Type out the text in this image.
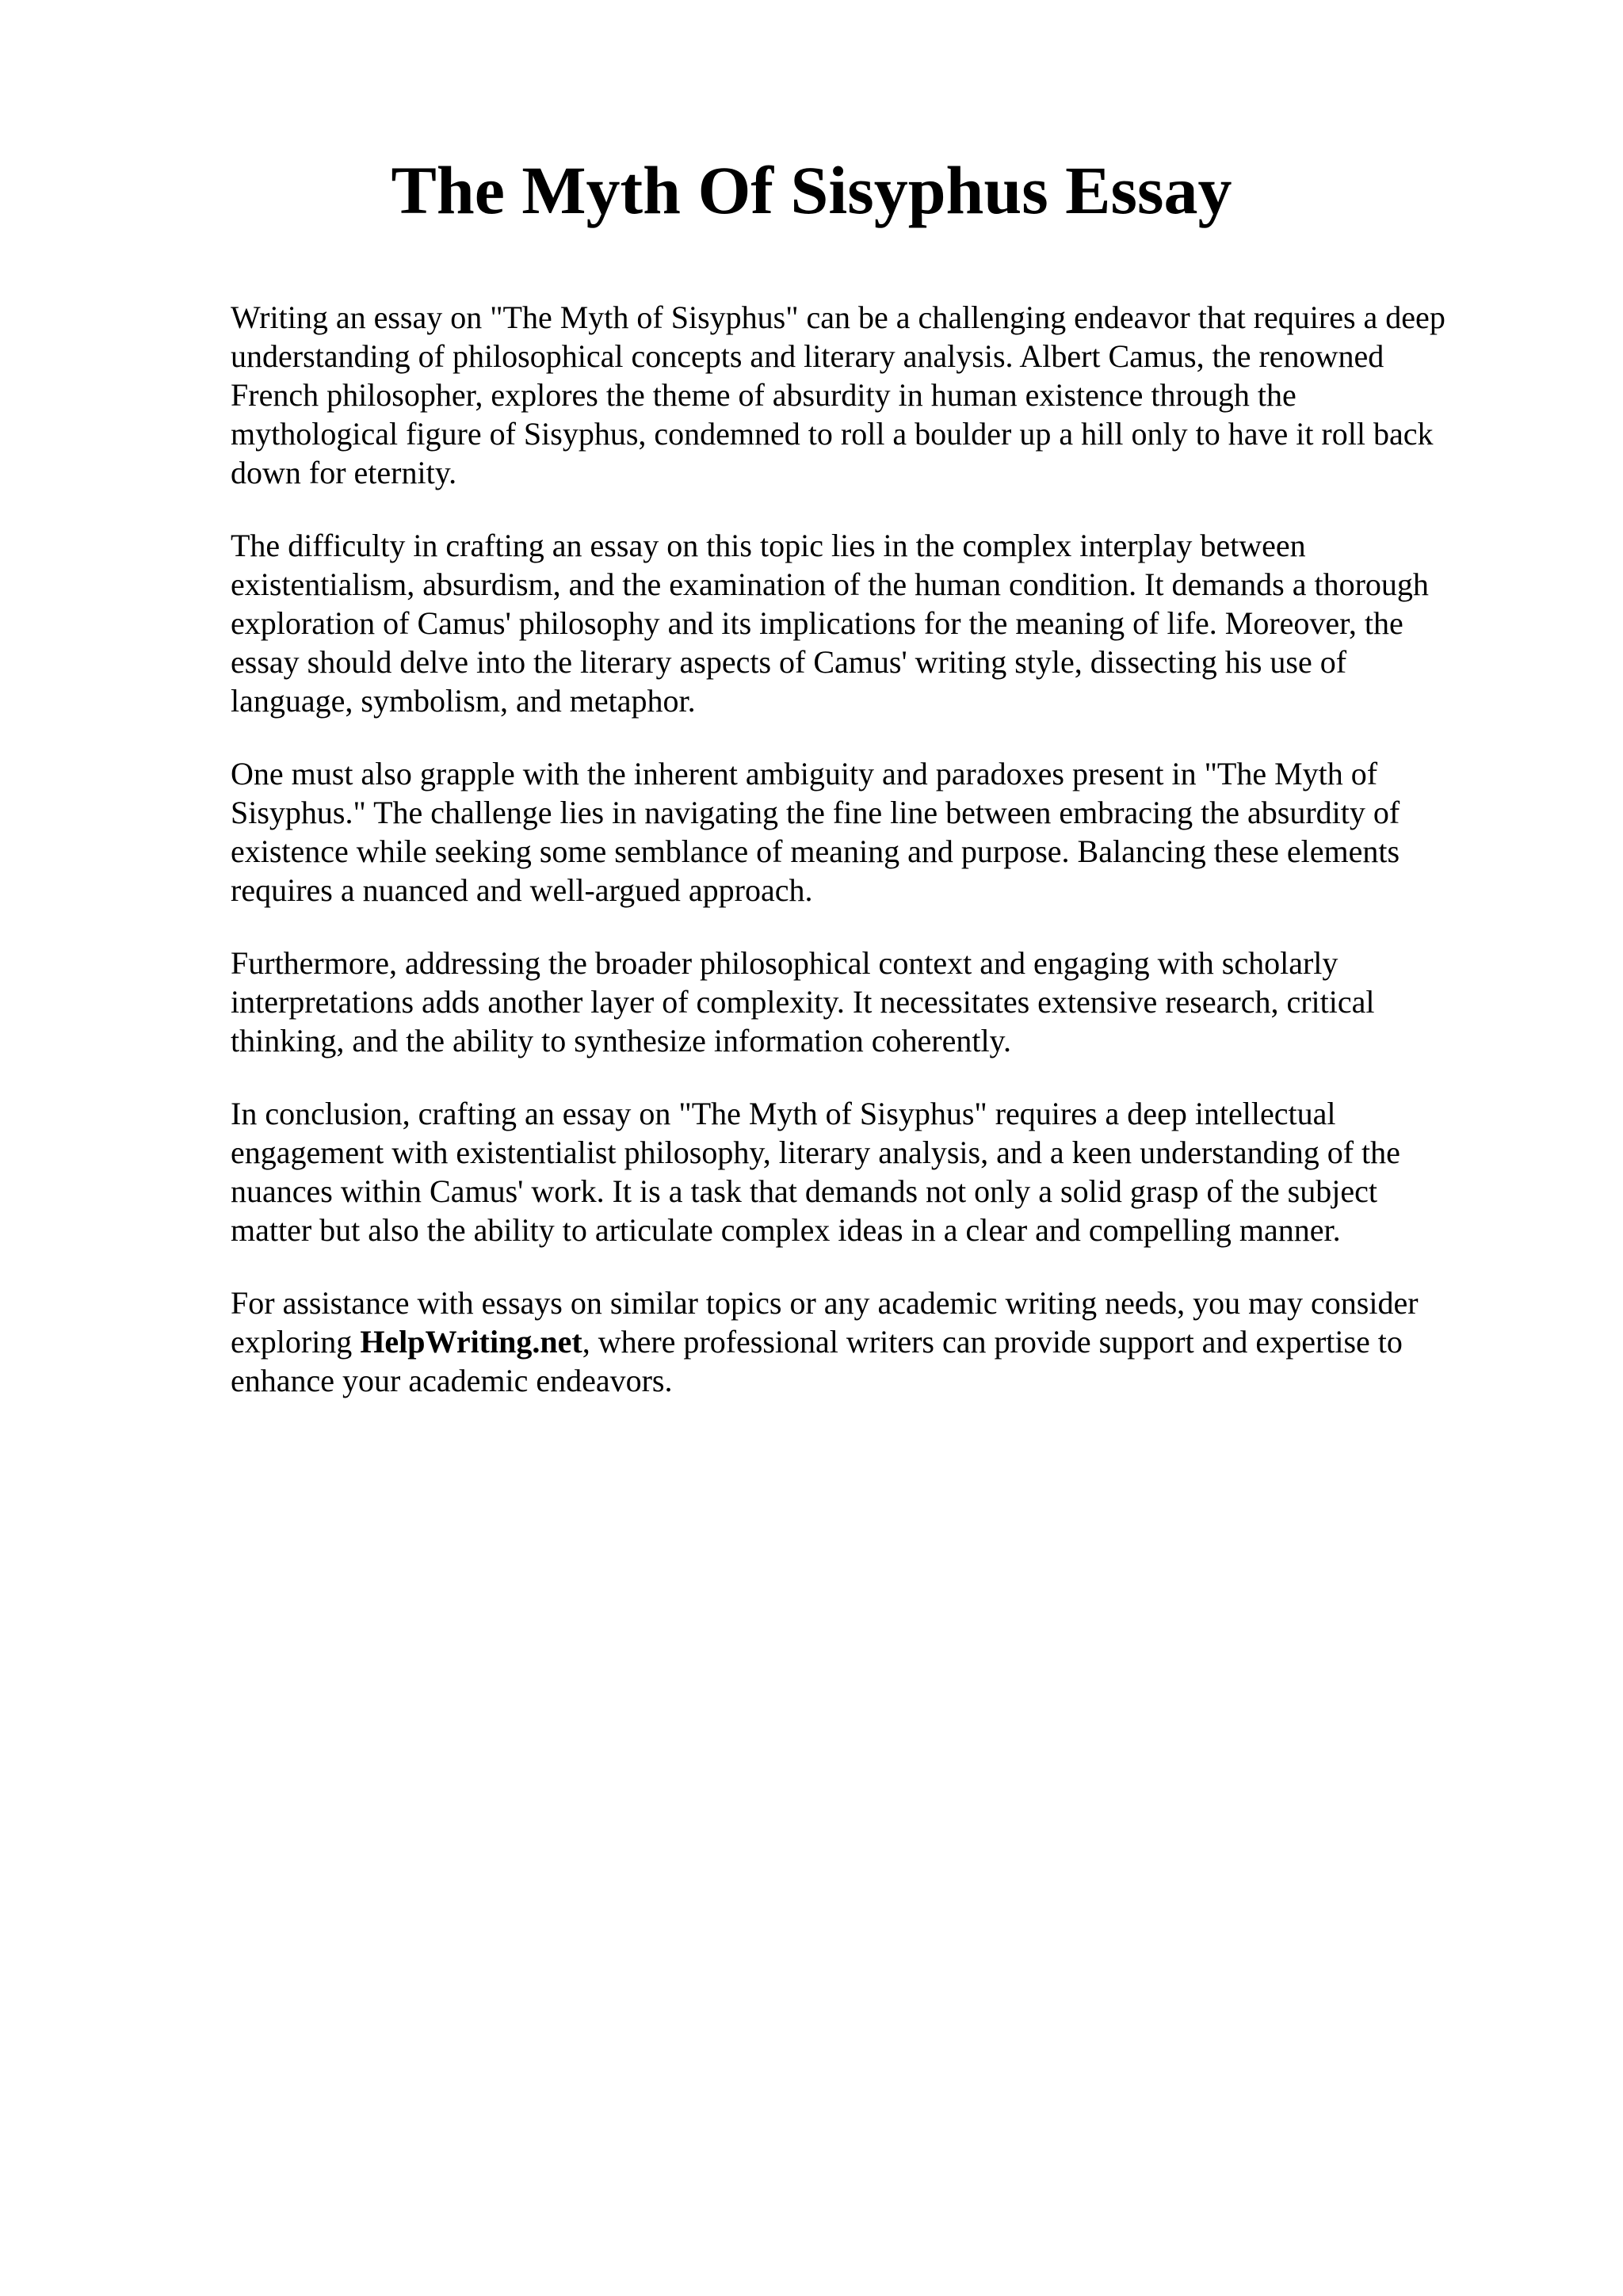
The Myth Of Sisyphus Essay

Writing an essay on "The Myth of Sisyphus" can be a challenging endeavor that requires a deep
understanding of philosophical concepts and literary analysis. Albert Camus, the renowned
French philosopher, explores the theme of absurdity in human existence through the
mythological figure of Sisyphus, condemned to roll a boulder up a hill only to have it roll back
down for eternity.

The difficulty in crafting an essay on this topic lies in the complex interplay between
existentialism, absurdism, and the examination of the human condition. It demands a thorough
exploration of Camus' philosophy and its implications for the meaning of life. Moreover, the
essay should delve into the literary aspects of Camus' writing style, dissecting his use of
language, symbolism, and metaphor.

One must also grapple with the inherent ambiguity and paradoxes present in "The Myth of
Sisyphus." The challenge lies in navigating the fine line between embracing the absurdity of
existence while seeking some semblance of meaning and purpose. Balancing these elements
requires a nuanced and well-argued approach.

Furthermore, addressing the broader philosophical context and engaging with scholarly
interpretations adds another layer of complexity. It necessitates extensive research, critical
thinking, and the ability to synthesize information coherently.

In conclusion, crafting an essay on "The Myth of Sisyphus" requires a deep intellectual
engagement with existentialist philosophy, literary analysis, and a keen understanding of the
nuances within Camus' work. It is a task that demands not only a solid grasp of the subject
matter but also the ability to articulate complex ideas in a clear and compelling manner.

For assistance with essays on similar topics or any academic writing needs, you may consider
exploring HelpWriting.net, where professional writers can provide support and expertise to
enhance your academic endeavors.
